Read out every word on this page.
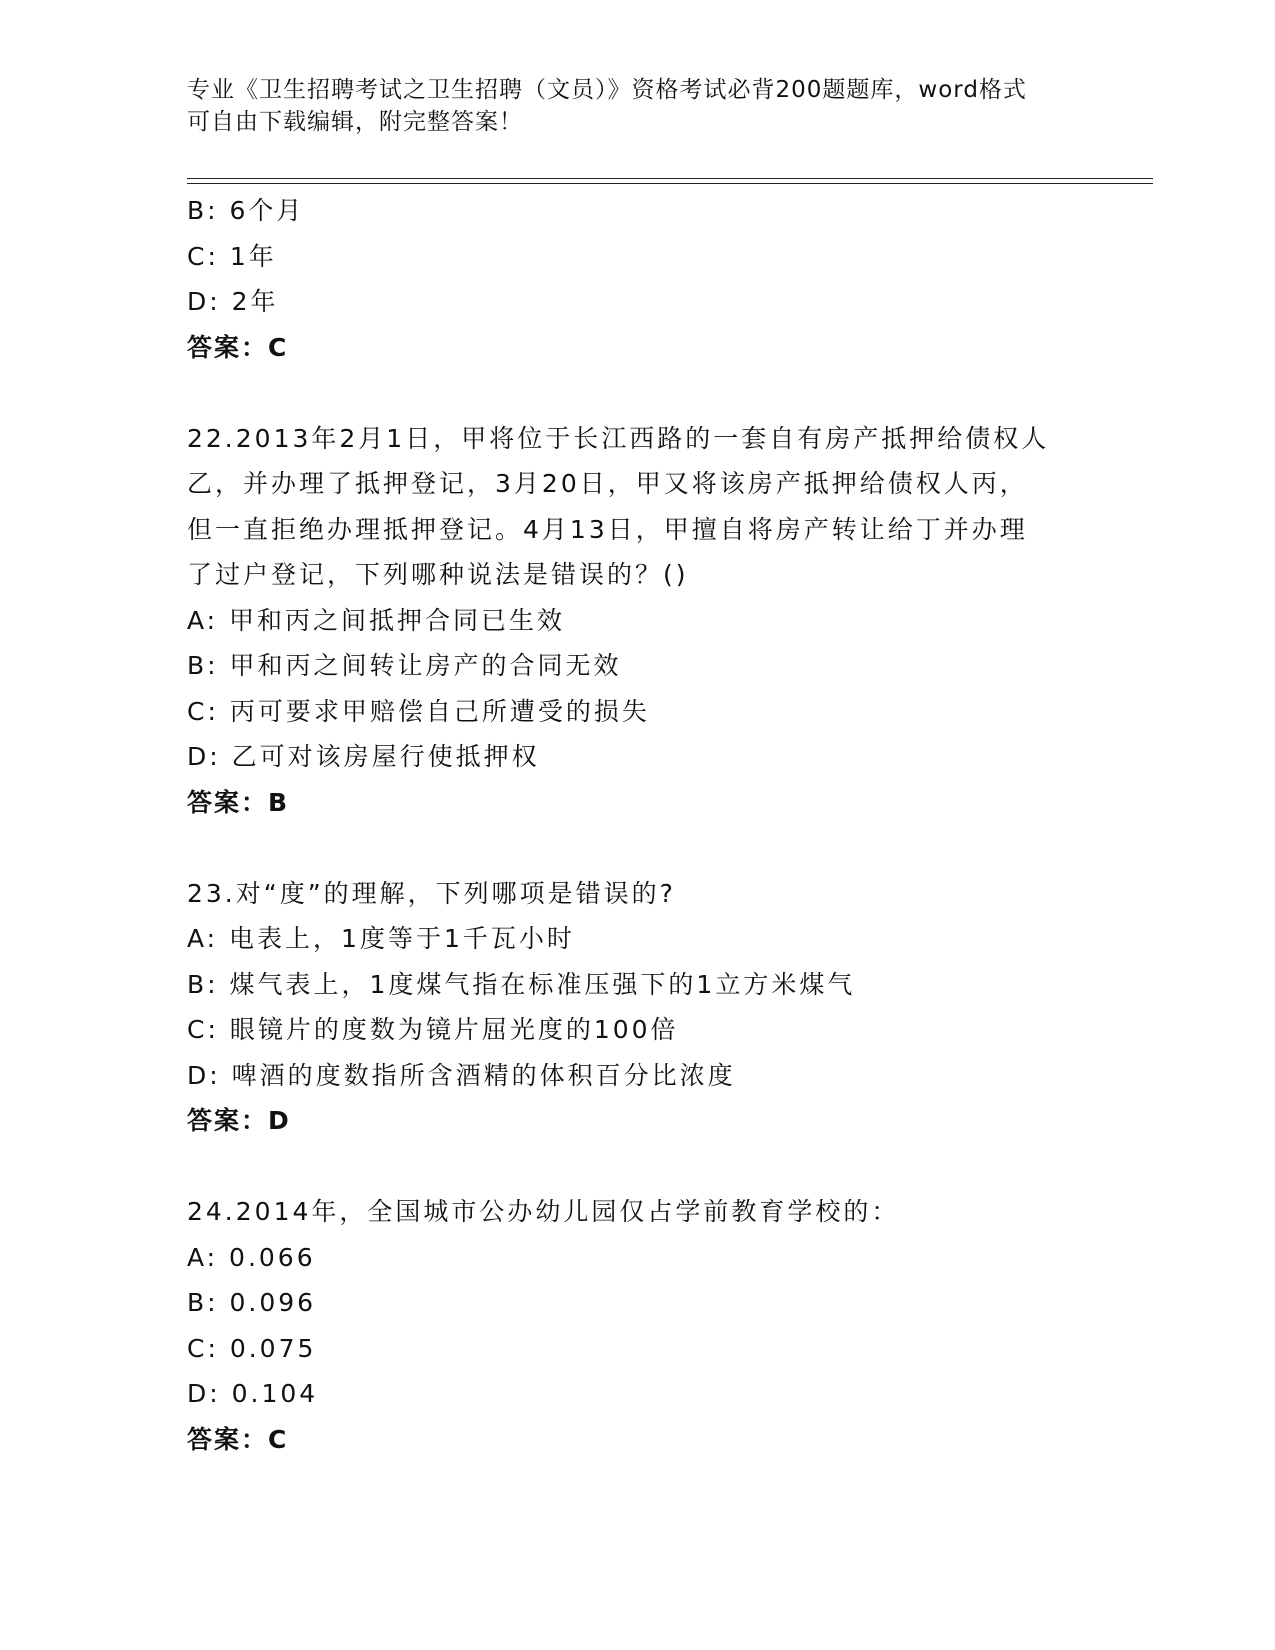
专业《卫生招聘考试之卫生招聘（文员）》资格考试必背200题题库，word格式
可自由下载编辑，附完整答案！
B: 6个月
C: 1年
D: 2年
答案：C
22.2013年2月1日，甲将位于长江西路的一套自有房产抵押给债权人
乙，并办理了抵押登记，3月20日，甲又将该房产抵押给债权人丙，
但一直拒绝办理抵押登记。4月13日，甲擅自将房产转让给丁并办理
了过户登记，下列哪种说法是错误的？()
A: 甲和丙之间抵押合同已生效
B: 甲和丙之间转让房产的合同无效
C: 丙可要求甲赔偿自己所遭受的损失
D: 乙可对该房屋行使抵押权
答案：B
23.对“度”的理解，下列哪项是错误的?
A: 电表上，1度等于1千瓦小时
B: 煤气表上，1度煤气指在标准压强下的1立方米煤气
C: 眼镜片的度数为镜片屈光度的100倍
D: 啤酒的度数指所含酒精的体积百分比浓度
答案：D
24.2014年，全国城市公办幼儿园仅占学前教育学校的：
A: 0.066
B: 0.096
C: 0.075
D: 0.104
答案：C
